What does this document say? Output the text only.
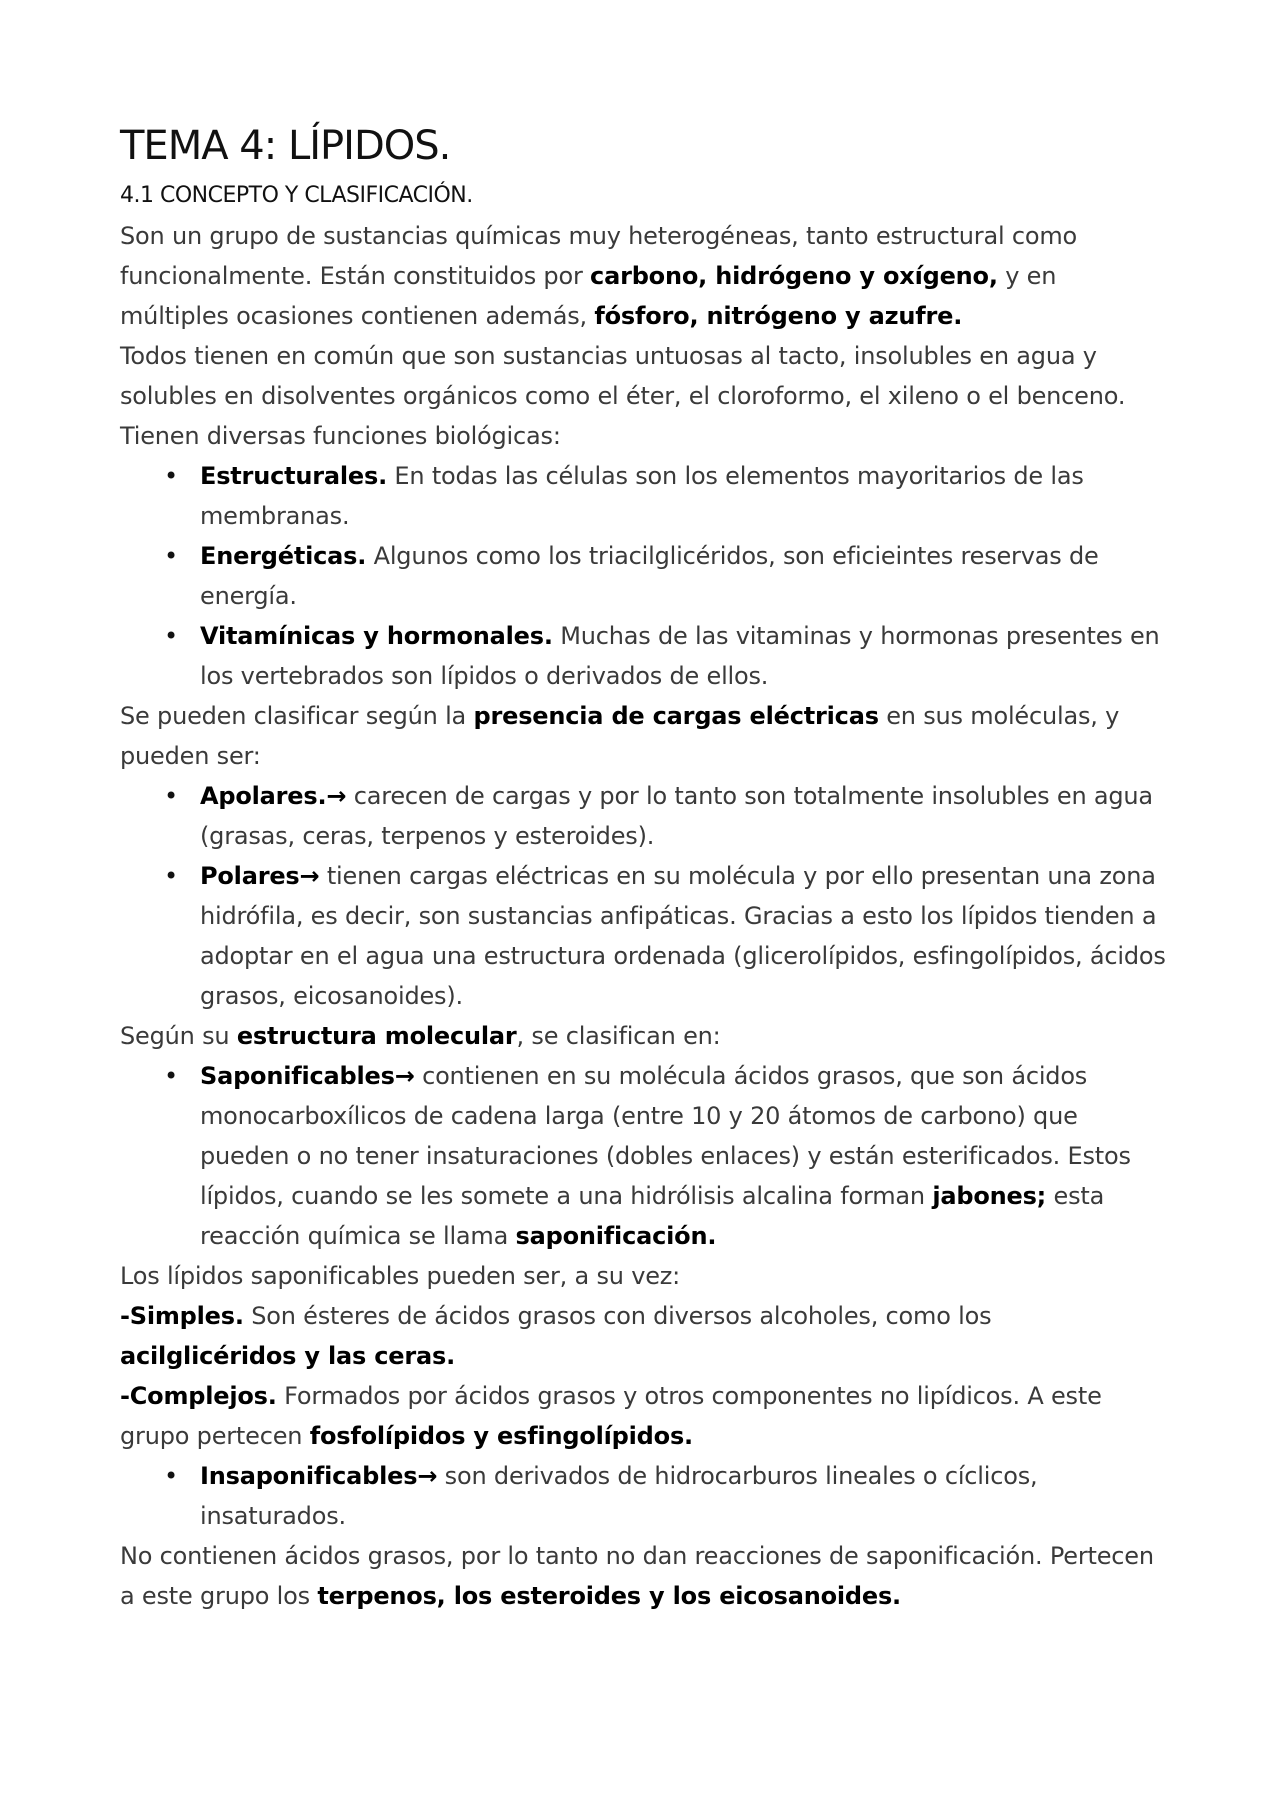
TEMA 4: LÍPIDOS.
4.1 CONCEPTO Y CLASIFICACIÓN.

Son un grupo de sustancias químicas muy heterogéneas, tanto estructural como funcionalmente. Están constituidos por carbono, hidrógeno y oxígeno, y en múltiples ocasiones contienen además, fósforo, nitrógeno y azufre.

Todos tienen en común que son sustancias untuosas al tacto, insolubles en agua y solubles en disolventes orgánicos como el éter, el cloroformo, el xileno o el benceno.

Tienen diversas funciones biológicas:

• Estructurales. En todas las células son los elementos mayoritarios de las membranas.
• Energéticas. Algunos como los triacilglicéridos, son eficieintes reservas de energía.
• Vitamínicas y hormonales. Muchas de las vitaminas y hormonas presentes en los vertebrados son lípidos o derivados de ellos.

Se pueden clasificar según la presencia de cargas eléctricas en sus moléculas, y pueden ser:

• Apolares.→ carecen de cargas y por lo tanto son totalmente insolubles en agua (grasas, ceras, terpenos y esteroides).
• Polares→ tienen cargas eléctricas en su molécula y por ello presentan una zona hidrófila, es decir, son sustancias anfipáticas. Gracias a esto los lípidos tienden a adoptar en el agua una estructura ordenada (glicerolípidos, esfingolípidos, ácidos grasos, eicosanoides).

Según su estructura molecular, se clasifican en:

• Saponificables→ contienen en su molécula ácidos grasos, que son ácidos monocarboxílicos de cadena larga (entre 10 y 20 átomos de carbono) que pueden o no tener insaturaciones (dobles enlaces) y están esterificados. Estos lípidos, cuando se les somete a una hidrólisis alcalina forman jabones; esta reacción química se llama saponificación.

Los lípidos saponificables pueden ser, a su vez:

-Simples. Son ésteres de ácidos grasos con diversos alcoholes, como los acilglicéridos y las ceras.

-Complejos. Formados por ácidos grasos y otros componentes no lipídicos. A este grupo pertecen fosfolípidos y esfingolípidos.

• Insaponificables→ son derivados de hidrocarburos lineales o cíclicos, insaturados.

No contienen ácidos grasos, por lo tanto no dan reacciones de saponificación. Pertecen a este grupo los terpenos, los esteroides y los eicosanoides.
